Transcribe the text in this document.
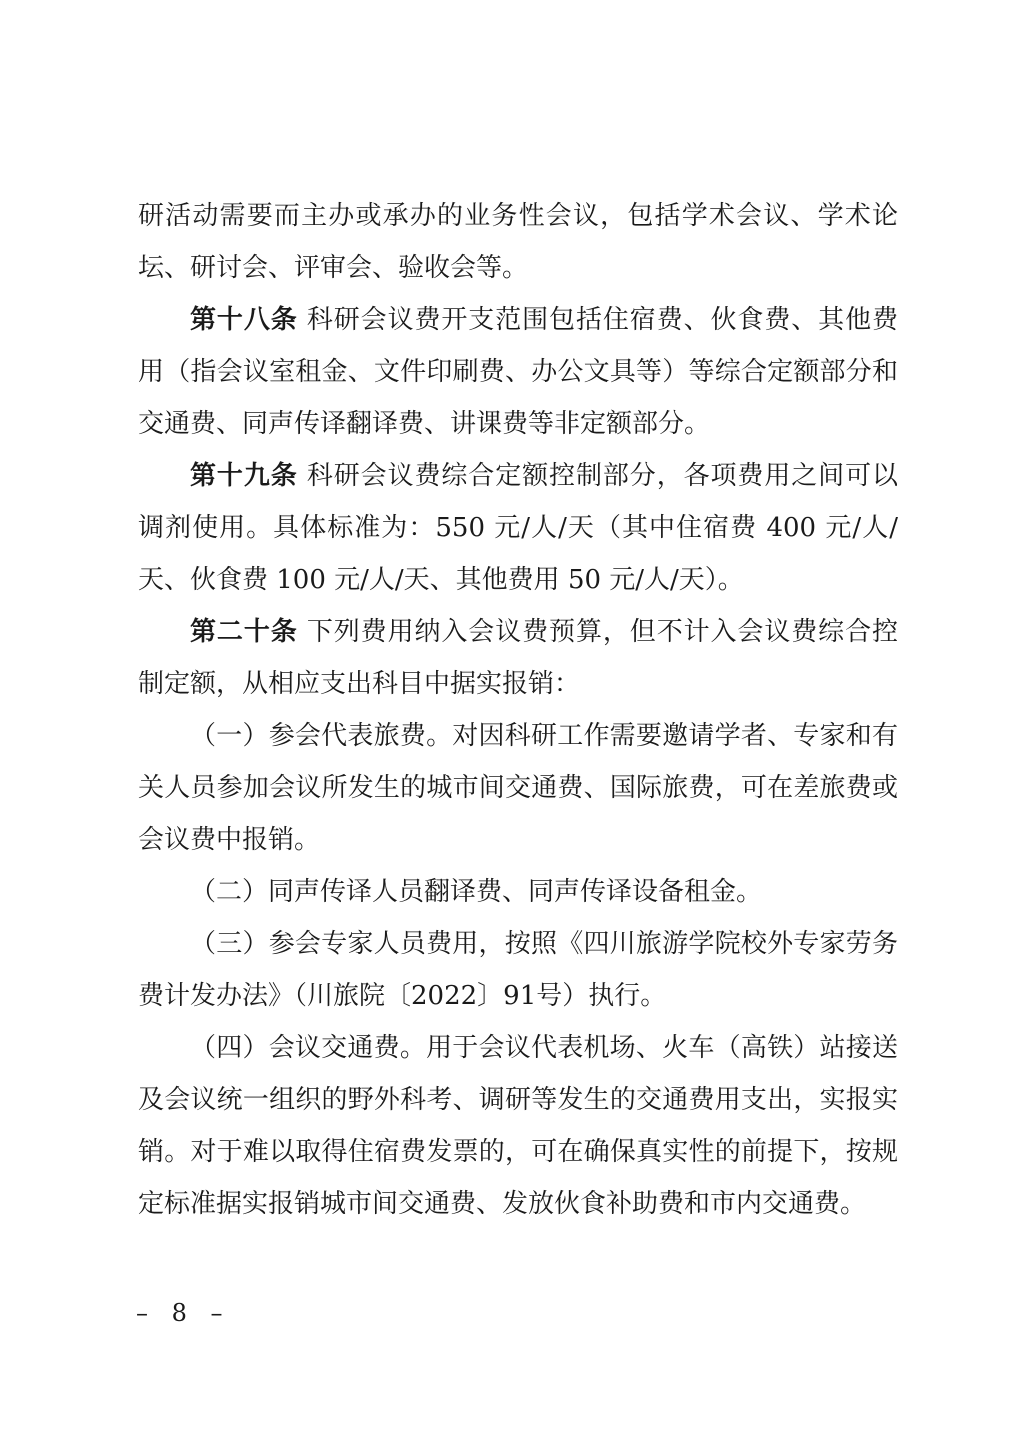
研活动需要而主办或承办的业务性会议，包括学术会议、学术论坛、研讨会、评审会、验收会等。

第十八条 科研会议费开支范围包括住宿费、伙食费、其他费用（指会议室租金、文件印刷费、办公文具等）等综合定额部分和交通费、同声传译翻译费、讲课费等非定额部分。

第十九条 科研会议费综合定额控制部分，各项费用之间可以调剂使用。具体标准为：550 元/人/天（其中住宿费 400 元/人/天、伙食费 100 元/人/天、其他费用 50 元/人/天）。

第二十条 下列费用纳入会议费预算，但不计入会议费综合控制定额，从相应支出科目中据实报销：

（一）参会代表旅费。对因科研工作需要邀请学者、专家和有关人员参加会议所发生的城市间交通费、国际旅费，可在差旅费或会议费中报销。

（二）同声传译人员翻译费、同声传译设备租金。

（三）参会专家人员费用，按照《四川旅游学院校外专家劳务费计发办法》（川旅院〔2022〕91号）执行。

（四）会议交通费。用于会议代表机场、火车（高铁）站接送及会议统一组织的野外科考、调研等发生的交通费用支出，实报实销。对于难以取得住宿费发票的，可在确保真实性的前提下，按规定标准据实报销城市间交通费、发放伙食补助费和市内交通费。

– 8 –
